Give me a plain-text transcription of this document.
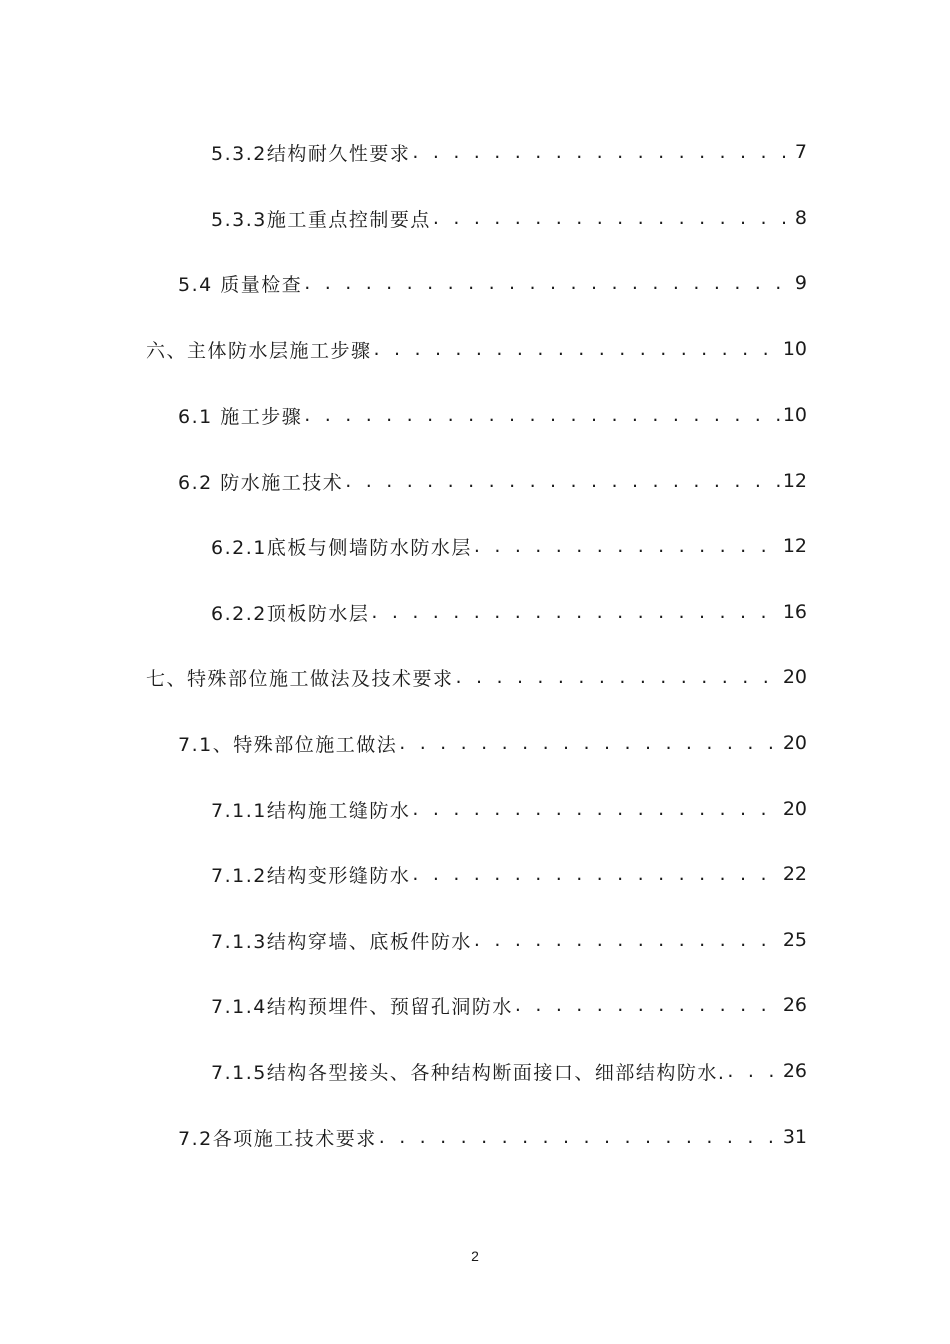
5.3.2结构耐久性要求 . . .	7
5.3.3施工重点控制要点 . . .	8
5.4 质量检查 . . .	9
六、主体防水层施工步骤 . . .	10
6.1 施工步骤 . . .	10
6.2 防水施工技术 . . .	12
6.2.1底板与侧墙防水防水层 . . .	12
6.2.2顶板防水层 . . .	16
七、特殊部位施工做法及技术要求 . . .	20
7.1、特殊部位施工做法 . . .	20
7.1.1结构施工缝防水 . . .	20
7.1.2结构变形缝防水 . . .	22
7.1.3结构穿墙、底板件防水 . . .	25
7.1.4结构预埋件、预留孔洞防水 . . .	26
7.1.5结构各型接头、各种结构断面接口、细部结构防水. . . .	26
7.2各项施工技术要求 . . .	31
2
